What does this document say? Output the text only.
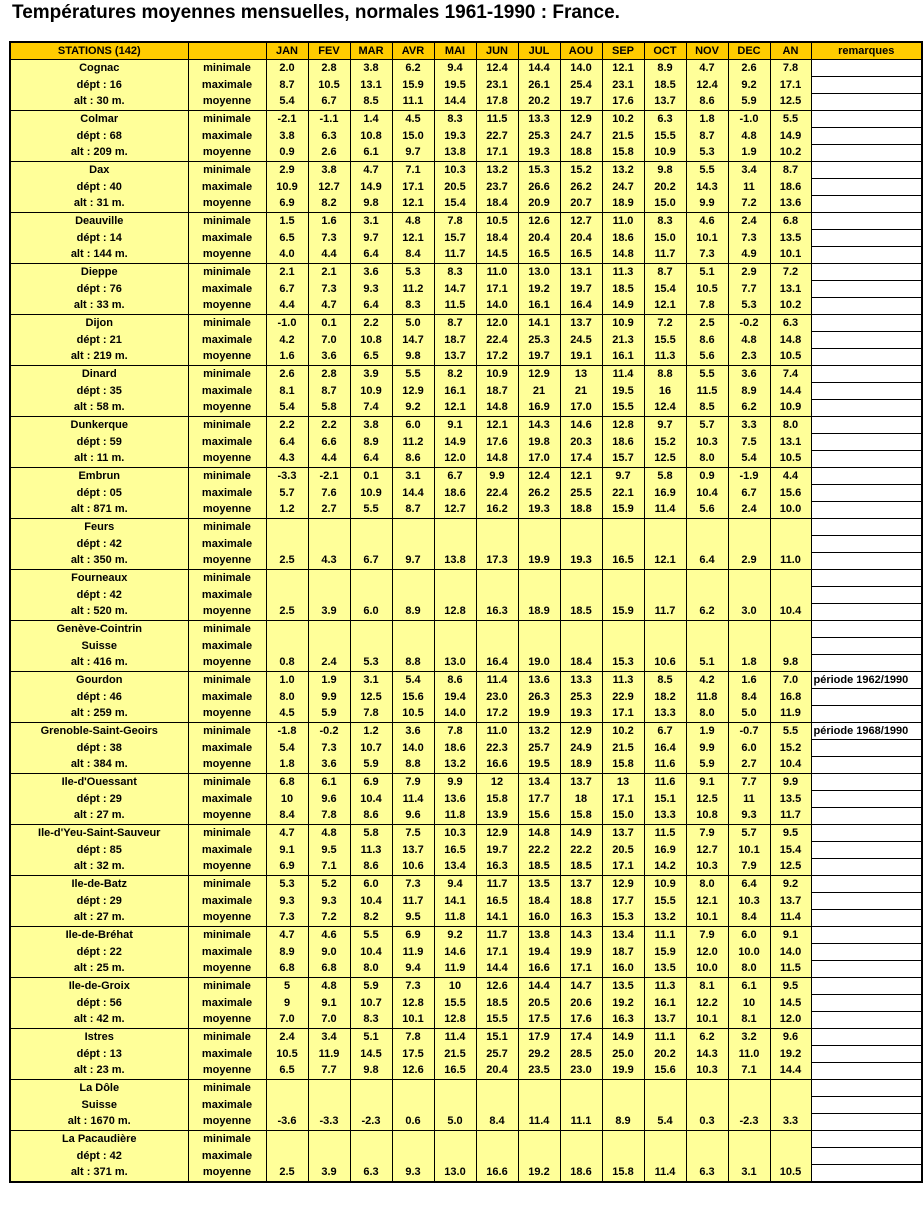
Températures moyennes mensuelles, normales 1961-1990 : France.
STATIONS (142)		JAN	FEV	MAR	AVR	MAI	JUN	JUL	AOU	SEP	OCT	NOV	DEC	AN	remarques
Cognac	minimale	2.0	2.8	3.8	6.2	9.4	12.4	14.4	14.0	12.1	8.9	4.7	2.6	7.8	
dépt : 16	maximale	8.7	10.5	13.1	15.9	19.5	23.1	26.1	25.4	23.1	18.5	12.4	9.2	17.1	
alt : 30 m.	moyenne	5.4	6.7	8.5	11.1	14.4	17.8	20.2	19.7	17.6	13.7	8.6	5.9	12.5	
Colmar	minimale	-2.1	-1.1	1.4	4.5	8.3	11.5	13.3	12.9	10.2	6.3	1.8	-1.0	5.5	
dépt : 68	maximale	3.8	6.3	10.8	15.0	19.3	22.7	25.3	24.7	21.5	15.5	8.7	4.8	14.9	
alt : 209 m.	moyenne	0.9	2.6	6.1	9.7	13.8	17.1	19.3	18.8	15.8	10.9	5.3	1.9	10.2	
Dax	minimale	2.9	3.8	4.7	7.1	10.3	13.2	15.3	15.2	13.2	9.8	5.5	3.4	8.7	
dépt : 40	maximale	10.9	12.7	14.9	17.1	20.5	23.7	26.6	26.2	24.7	20.2	14.3	11	18.6	
alt : 31 m.	moyenne	6.9	8.2	9.8	12.1	15.4	18.4	20.9	20.7	18.9	15.0	9.9	7.2	13.6	
Deauville	minimale	1.5	1.6	3.1	4.8	7.8	10.5	12.6	12.7	11.0	8.3	4.6	2.4	6.8	
dépt : 14	maximale	6.5	7.3	9.7	12.1	15.7	18.4	20.4	20.4	18.6	15.0	10.1	7.3	13.5	
alt : 144 m.	moyenne	4.0	4.4	6.4	8.4	11.7	14.5	16.5	16.5	14.8	11.7	7.3	4.9	10.1	
Dieppe	minimale	2.1	2.1	3.6	5.3	8.3	11.0	13.0	13.1	11.3	8.7	5.1	2.9	7.2	
dépt : 76	maximale	6.7	7.3	9.3	11.2	14.7	17.1	19.2	19.7	18.5	15.4	10.5	7.7	13.1	
alt : 33 m.	moyenne	4.4	4.7	6.4	8.3	11.5	14.0	16.1	16.4	14.9	12.1	7.8	5.3	10.2	
Dijon	minimale	-1.0	0.1	2.2	5.0	8.7	12.0	14.1	13.7	10.9	7.2	2.5	-0.2	6.3	
dépt : 21	maximale	4.2	7.0	10.8	14.7	18.7	22.4	25.3	24.5	21.3	15.5	8.6	4.8	14.8	
alt : 219 m.	moyenne	1.6	3.6	6.5	9.8	13.7	17.2	19.7	19.1	16.1	11.3	5.6	2.3	10.5	
Dinard	minimale	2.6	2.8	3.9	5.5	8.2	10.9	12.9	13	11.4	8.8	5.5	3.6	7.4	
dépt : 35	maximale	8.1	8.7	10.9	12.9	16.1	18.7	21	21	19.5	16	11.5	8.9	14.4	
alt : 58 m.	moyenne	5.4	5.8	7.4	9.2	12.1	14.8	16.9	17.0	15.5	12.4	8.5	6.2	10.9	
Dunkerque	minimale	2.2	2.2	3.8	6.0	9.1	12.1	14.3	14.6	12.8	9.7	5.7	3.3	8.0	
dépt : 59	maximale	6.4	6.6	8.9	11.2	14.9	17.6	19.8	20.3	18.6	15.2	10.3	7.5	13.1	
alt : 11 m.	moyenne	4.3	4.4	6.4	8.6	12.0	14.8	17.0	17.4	15.7	12.5	8.0	5.4	10.5	
Embrun	minimale	-3.3	-2.1	0.1	3.1	6.7	9.9	12.4	12.1	9.7	5.8	0.9	-1.9	4.4	
dépt : 05	maximale	5.7	7.6	10.9	14.4	18.6	22.4	26.2	25.5	22.1	16.9	10.4	6.7	15.6	
alt : 871 m.	moyenne	1.2	2.7	5.5	8.7	12.7	16.2	19.3	18.8	15.9	11.4	5.6	2.4	10.0	
Feurs	minimale														
dépt : 42	maximale														
alt : 350 m.	moyenne	2.5	4.3	6.7	9.7	13.8	17.3	19.9	19.3	16.5	12.1	6.4	2.9	11.0	
Fourneaux	minimale														
dépt : 42	maximale														
alt : 520 m.	moyenne	2.5	3.9	6.0	8.9	12.8	16.3	18.9	18.5	15.9	11.7	6.2	3.0	10.4	
Genève-Cointrin	minimale														
Suisse	maximale														
alt : 416 m.	moyenne	0.8	2.4	5.3	8.8	13.0	16.4	19.0	18.4	15.3	10.6	5.1	1.8	9.8	
Gourdon	minimale	1.0	1.9	3.1	5.4	8.6	11.4	13.6	13.3	11.3	8.5	4.2	1.6	7.0	période 1962/1990
dépt : 46	maximale	8.0	9.9	12.5	15.6	19.4	23.0	26.3	25.3	22.9	18.2	11.8	8.4	16.8	
alt : 259 m.	moyenne	4.5	5.9	7.8	10.5	14.0	17.2	19.9	19.3	17.1	13.3	8.0	5.0	11.9	
Grenoble-Saint-Geoirs	minimale	-1.8	-0.2	1.2	3.6	7.8	11.0	13.2	12.9	10.2	6.7	1.9	-0.7	5.5	période 1968/1990
dépt : 38	maximale	5.4	7.3	10.7	14.0	18.6	22.3	25.7	24.9	21.5	16.4	9.9	6.0	15.2	
alt : 384 m.	moyenne	1.8	3.6	5.9	8.8	13.2	16.6	19.5	18.9	15.8	11.6	5.9	2.7	10.4	
Ile-d'Ouessant	minimale	6.8	6.1	6.9	7.9	9.9	12	13.4	13.7	13	11.6	9.1	7.7	9.9	
dépt : 29	maximale	10	9.6	10.4	11.4	13.6	15.8	17.7	18	17.1	15.1	12.5	11	13.5	
alt : 27 m.	moyenne	8.4	7.8	8.6	9.6	11.8	13.9	15.6	15.8	15.0	13.3	10.8	9.3	11.7	
Ile-d'Yeu-Saint-Sauveur	minimale	4.7	4.8	5.8	7.5	10.3	12.9	14.8	14.9	13.7	11.5	7.9	5.7	9.5	
dépt : 85	maximale	9.1	9.5	11.3	13.7	16.5	19.7	22.2	22.2	20.5	16.9	12.7	10.1	15.4	
alt : 32 m.	moyenne	6.9	7.1	8.6	10.6	13.4	16.3	18.5	18.5	17.1	14.2	10.3	7.9	12.5	
Ile-de-Batz	minimale	5.3	5.2	6.0	7.3	9.4	11.7	13.5	13.7	12.9	10.9	8.0	6.4	9.2	
dépt : 29	maximale	9.3	9.3	10.4	11.7	14.1	16.5	18.4	18.8	17.7	15.5	12.1	10.3	13.7	
alt : 27 m.	moyenne	7.3	7.2	8.2	9.5	11.8	14.1	16.0	16.3	15.3	13.2	10.1	8.4	11.4	
Ile-de-Bréhat	minimale	4.7	4.6	5.5	6.9	9.2	11.7	13.8	14.3	13.4	11.1	7.9	6.0	9.1	
dépt : 22	maximale	8.9	9.0	10.4	11.9	14.6	17.1	19.4	19.9	18.7	15.9	12.0	10.0	14.0	
alt : 25 m.	moyenne	6.8	6.8	8.0	9.4	11.9	14.4	16.6	17.1	16.0	13.5	10.0	8.0	11.5	
Ile-de-Groix	minimale	5	4.8	5.9	7.3	10	12.6	14.4	14.7	13.5	11.3	8.1	6.1	9.5	
dépt : 56	maximale	9	9.1	10.7	12.8	15.5	18.5	20.5	20.6	19.2	16.1	12.2	10	14.5	
alt : 42 m.	moyenne	7.0	7.0	8.3	10.1	12.8	15.5	17.5	17.6	16.3	13.7	10.1	8.1	12.0	
Istres	minimale	2.4	3.4	5.1	7.8	11.4	15.1	17.9	17.4	14.9	11.1	6.2	3.2	9.6	
dépt : 13	maximale	10.5	11.9	14.5	17.5	21.5	25.7	29.2	28.5	25.0	20.2	14.3	11.0	19.2	
alt : 23 m.	moyenne	6.5	7.7	9.8	12.6	16.5	20.4	23.5	23.0	19.9	15.6	10.3	7.1	14.4	
La Dôle	minimale														
Suisse	maximale														
alt : 1670 m.	moyenne	-3.6	-3.3	-2.3	0.6	5.0	8.4	11.4	11.1	8.9	5.4	0.3	-2.3	3.3	
La Pacaudière	minimale														
dépt : 42	maximale														
alt : 371 m.	moyenne	2.5	3.9	6.3	9.3	13.0	16.6	19.2	18.6	15.8	11.4	6.3	3.1	10.5	
